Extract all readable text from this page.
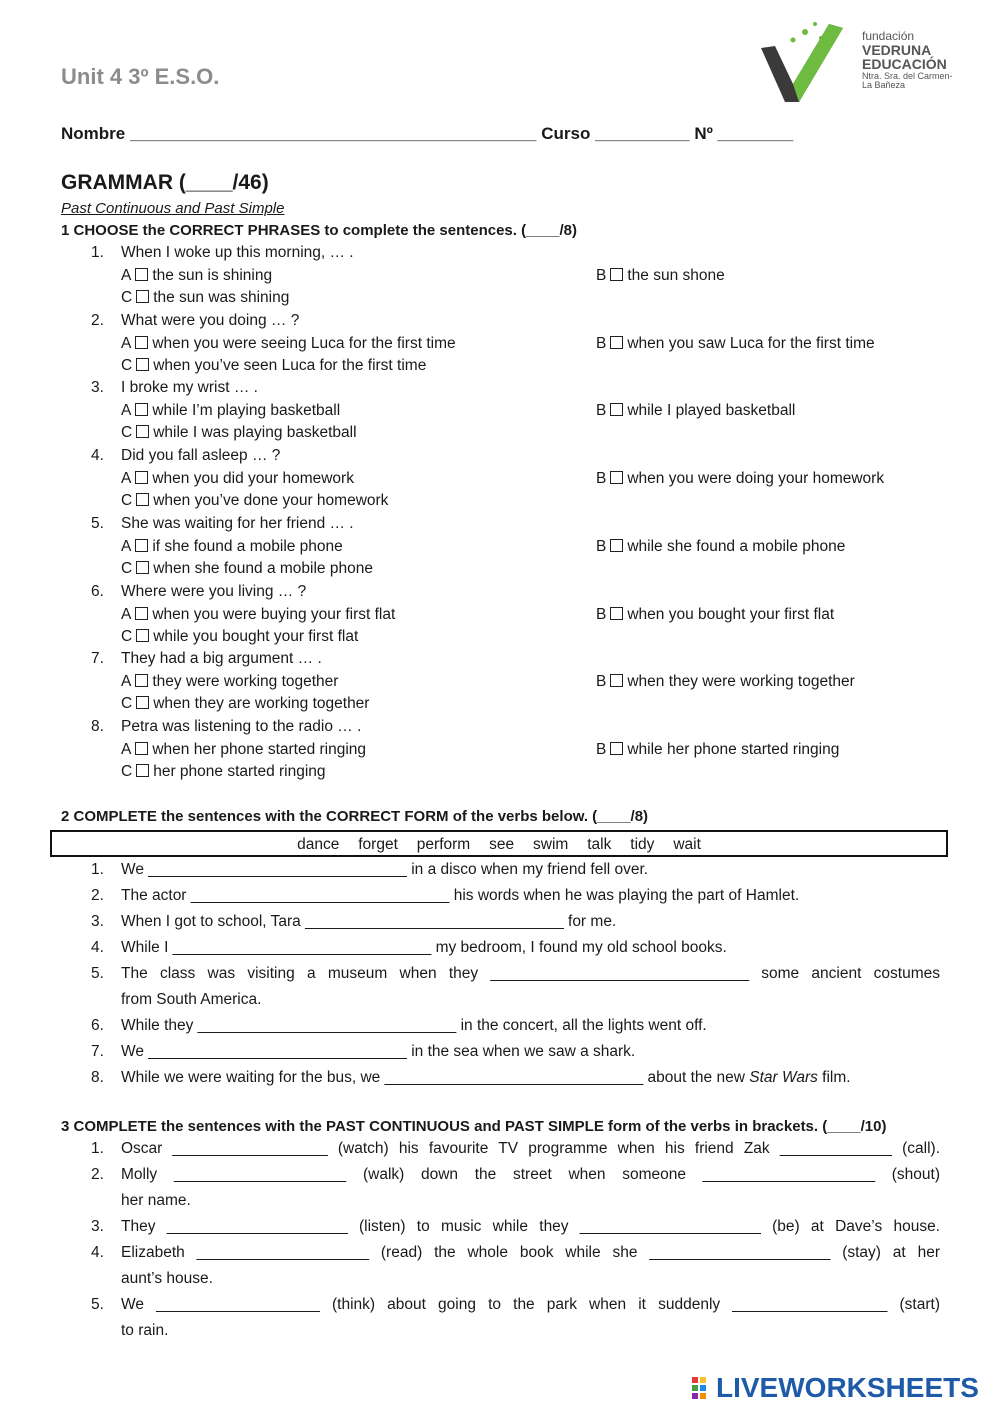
Unit 4 3º E.S.O.
fundación
VEDRUNA
EDUCACIÓN
Ntra. Sra. del Carmen-
La Bañeza
Nombre ___________________________________________ Curso __________ Nº ________
GRAMMAR (____/46)
Past Continuous and Past Simple
1 CHOOSE the CORRECT PHRASES to complete the sentences. (____/8)
1. When I woke up this morning, … .
A the sun is shining	B the sun shone
C the sun was shining
2. What were you doing … ?
A when you were seeing Luca for the first time	B when you saw Luca for the first time
C when you’ve seen Luca for the first time
3. I broke my wrist … .
A while I’m playing basketball	B while I played basketball
C while I was playing basketball
4. Did you fall asleep … ?
A when you did your homework	B when you were doing your homework
C when you’ve done your homework
5. She was waiting for her friend … .
A if she found a mobile phone	B while she found a mobile phone
C when she found a mobile phone
6. Where were you living … ?
A when you were buying your first flat	B when you bought your first flat
C while you bought your first flat
7. They had a big argument … .
A they were working together	B when they were working together
C when they are working together
8. Petra was listening to the radio … .
A when her phone started ringing	B while her phone started ringing
C her phone started ringing
2 COMPLETE the sentences with the CORRECT FORM of the verbs below. (____/8)
dance   forget   perform   see   swim   talk   tidy   wait
1. We ______________________________ in a disco when my friend fell over.
2. The actor ______________________________ his words when he was playing the part of Hamlet.
3. When I got to school, Tara ______________________________ for me.
4. While I ______________________________ my bedroom, I found my old school books.
5. The class was visiting a museum when they ______________________________ some ancient costumes
from South America.
6. While they ______________________________ in the concert, all the lights went off.
7. We ______________________________ in the sea when we saw a shark.
8. While we were waiting for the bus, we ______________________________ about the new Star Wars film.
3 COMPLETE the sentences with the PAST CONTINUOUS and PAST SIMPLE form of the verbs in brackets. (____/10)
1. Oscar __________________ (watch) his favourite TV programme when his friend Zak _____________ (call).
2. Molly ____________________ (walk) down the street when someone ____________________ (shout)
her name.
3. They _____________________ (listen) to music while they _____________________ (be) at Dave’s house.
4. Elizabeth ____________________ (read) the whole book while she _____________________ (stay) at her
aunt’s house.
5. We ___________________ (think) about going to the park when it suddenly __________________ (start)
to rain.
LIVEWORKSHEETS
